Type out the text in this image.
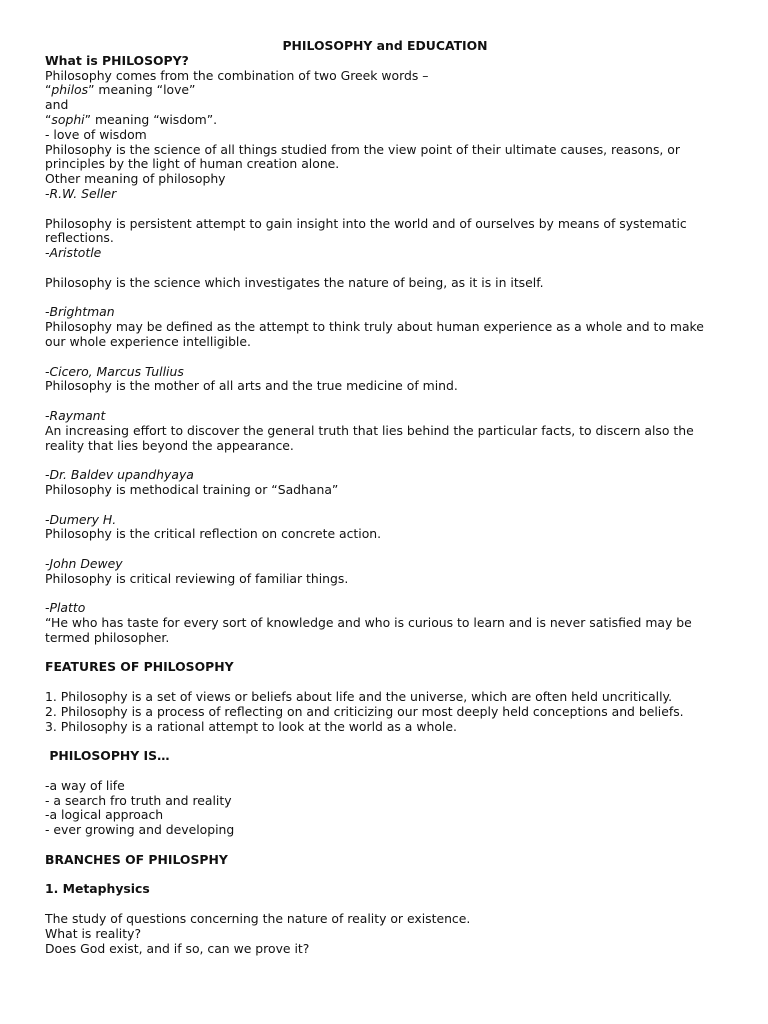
PHILOSOPHY and EDUCATION

What is PHILOSOPY?

Philosophy comes from the combination of two Greek words –

“philos” meaning “love”

and

“sophi” meaning “wisdom”.

- love of wisdom

Philosophy is the science of all things studied from the view point of their ultimate causes, reasons, or principles by the light of human creation alone.

Other meaning of philosophy

-R.W. Seller

Philosophy is persistent attempt to gain insight into the world and of ourselves by means of systematic reflections.

-Aristotle

Philosophy is the science which investigates the nature of being, as it is in itself.

-Brightman

Philosophy may be defined as the attempt to think truly about human experience as a whole and to make our whole experience intelligible.

-Cicero, Marcus Tullius

Philosophy is the mother of all arts and the true medicine of mind.

-Raymant

An increasing effort to discover the general truth that lies behind the particular facts, to discern also the reality that lies beyond the appearance.

-Dr. Baldev upandhyaya

Philosophy is methodical training or “Sadhana”

-Dumery H.

Philosophy is the critical reflection on concrete action.

-John Dewey

Philosophy is critical reviewing of familiar things.

-Platto

“He who has taste for every sort of knowledge and who is curious to learn and is never satisfied may be termed philosopher.

FEATURES OF PHILOSOPHY

1. Philosophy is a set of views or beliefs about life and the universe, which are often held uncritically.

2. Philosophy is a process of reflecting on and criticizing our most deeply held conceptions and beliefs.

3. Philosophy is a rational attempt to look at the world as a whole.

PHILOSOPHY IS…

-a way of life

- a search fro truth and reality

-a logical approach

- ever growing and developing

BRANCHES OF PHILOSPHY

1. Metaphysics

The study of questions concerning the nature of reality or existence.

What is reality?

Does God exist, and if so, can we prove it?
